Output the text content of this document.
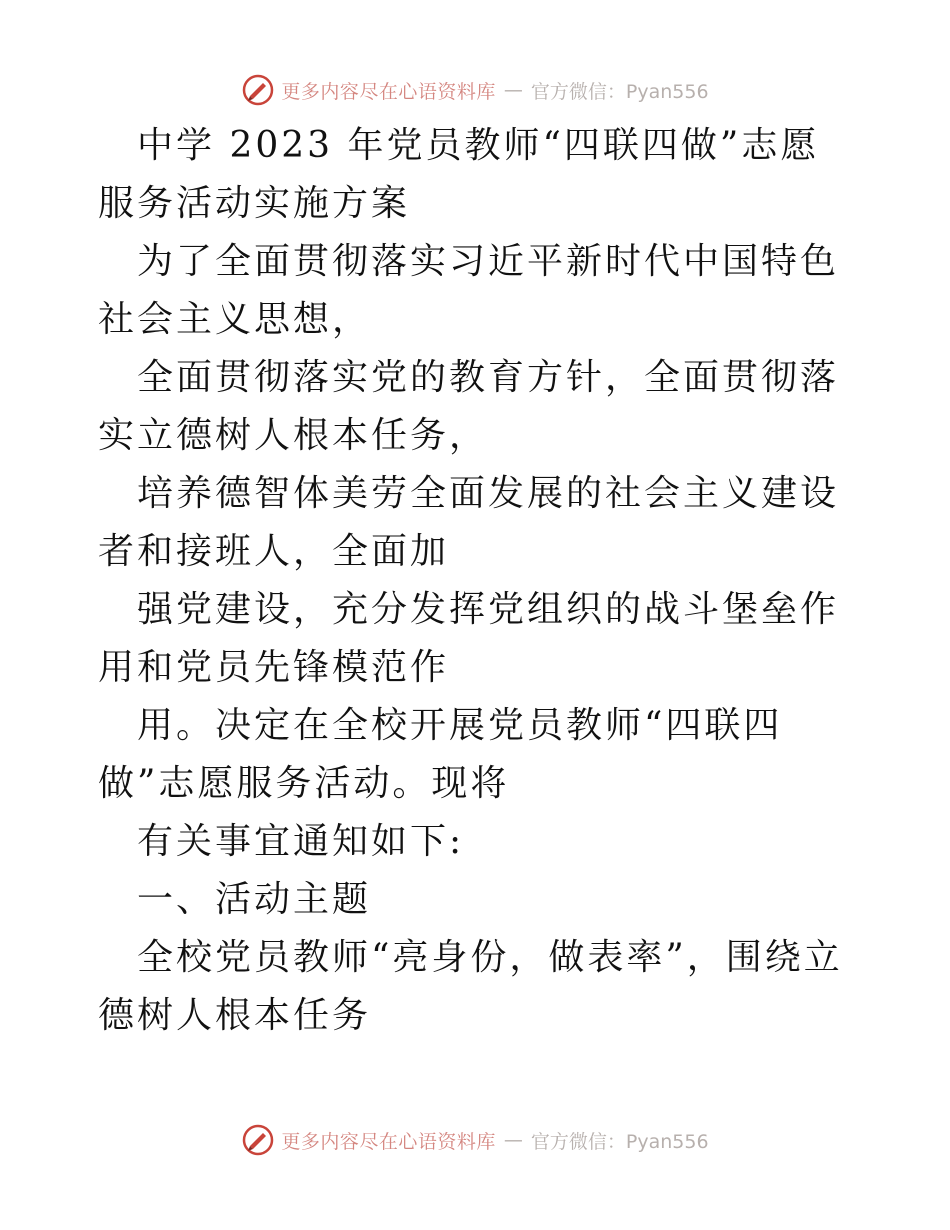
更多内容尽在心语资料库 — 官方微信：Pyan556

中学 2023 年党员教师“四联四做”志愿服务活动实施方案

为了全面贯彻落实习近平新时代中国特色社会主义思想，

全面贯彻落实党的教育方针，全面贯彻落实立德树人根本任务，

培养德智体美劳全面发展的社会主义建设者和接班人，全面加

强党建设，充分发挥党组织的战斗堡垒作用和党员先锋模范作

用。决定在全校开展党员教师“四联四做”志愿服务活动。现将

有关事宜通知如下:

一、活动主题

全校党员教师“亮身份，做表率”，围绕立德树人根本任务

更多内容尽在心语资料库 — 官方微信：Pyan556
